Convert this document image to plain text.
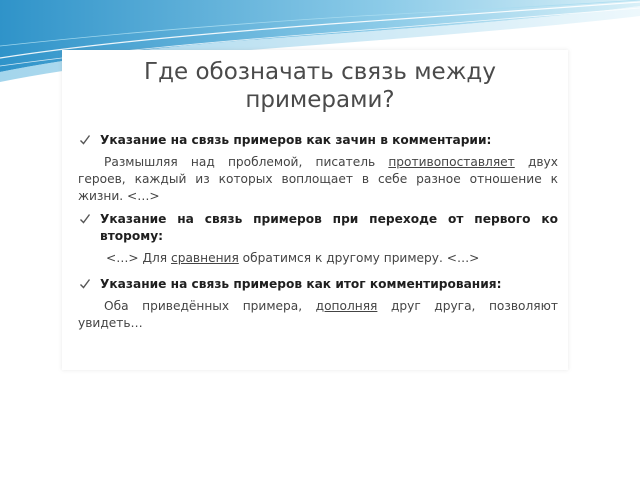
Где обозначать связь между
примерами?
Указание на связь примеров как зачин в комментарии:

Размышляя над проблемой, писатель противопоставляет двух героев, каждый из которых воплощает в себе разное отношение к жизни. <…>

Указание на связь примеров при переходе от первого ко второму:

<…> Для сравнения обратимся к другому примеру. <…>

Указание на связь примеров как итог комментирования:

Оба приведённых примера, дополняя друг друга, позволяют увидеть…
